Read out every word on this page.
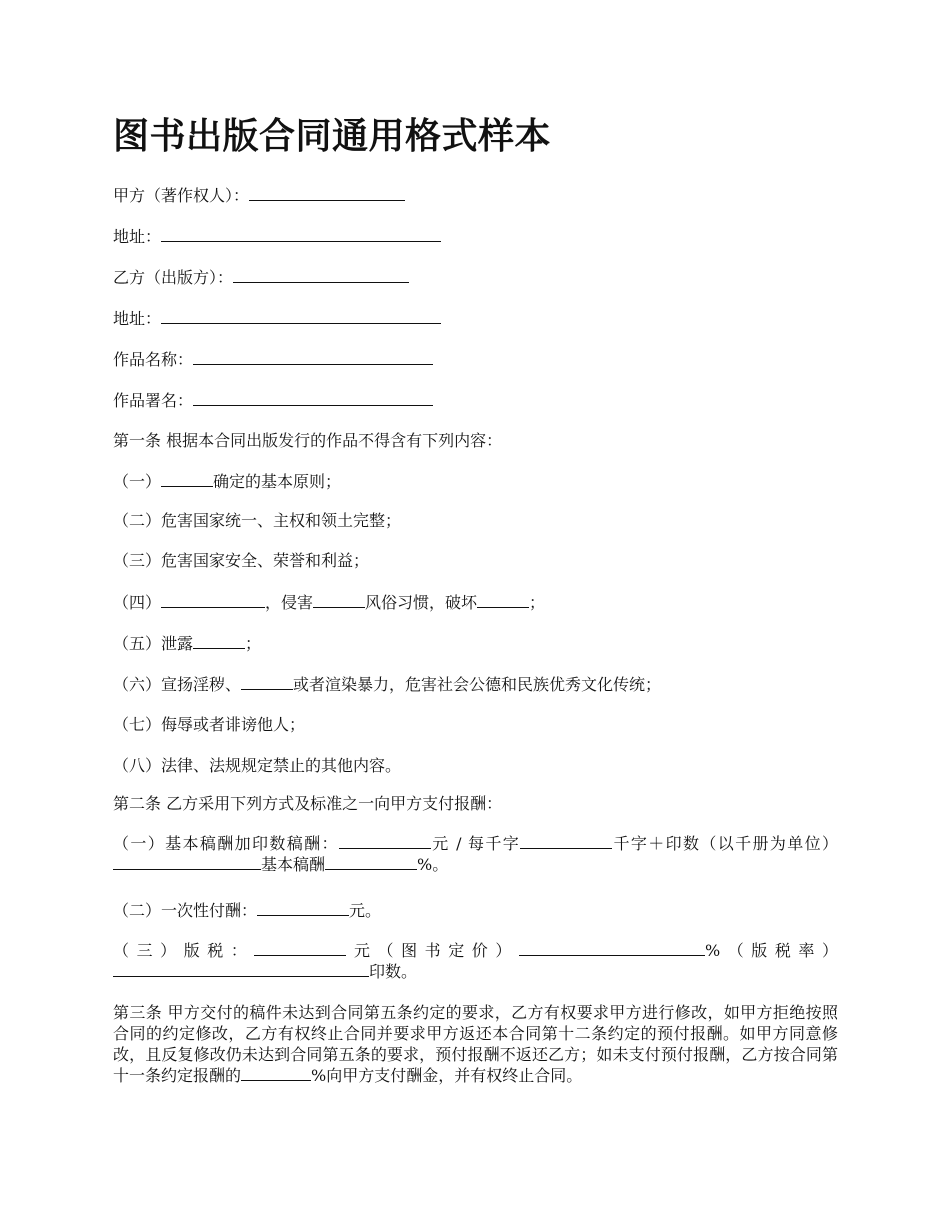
图书出版合同通用格式样本

甲方（著作权人）：

地址：

乙方（出版方）：

地址：

作品名称：

作品署名：

第一条 根据本合同出版发行的作品不得含有下列内容：

（一）	确定的基本原则；

（二）危害国家统一、主权和领土完整；

（三）危害国家安全、荣誉和利益；

（四）	，侵害	风俗习惯，破坏	；

（五）泄露	；

（六）宣扬淫秽、	或者渲染暴力，危害社会公德和民族优秀文化传统；

（七）侮辱或者诽谤他人；

（八）法律、法规规定禁止的其他内容。

第二条 乙方采用下列方式及标准之一向甲方支付报酬：

（一）基本稿酬加印数稿酬：	元 / 每千字	千字＋印数（以千册为单位）基本稿酬	%。

（二）一次性付酬：	元。

（三）版税：	元（图书定价）	%（版税率）印数。

第三条 甲方交付的稿件未达到合同第五条约定的要求，乙方有权要求甲方进行修改，如甲方拒绝按照合同的约定修改，乙方有权终止合同并要求甲方返还本合同第十二条约定的预付报酬。如甲方同意修改，且反复修改仍未达到合同第五条的要求，预付报酬不返还乙方；如未支付预付报酬，乙方按合同第十一条约定报酬的	%向甲方支付酬金，并有权终止合同。
